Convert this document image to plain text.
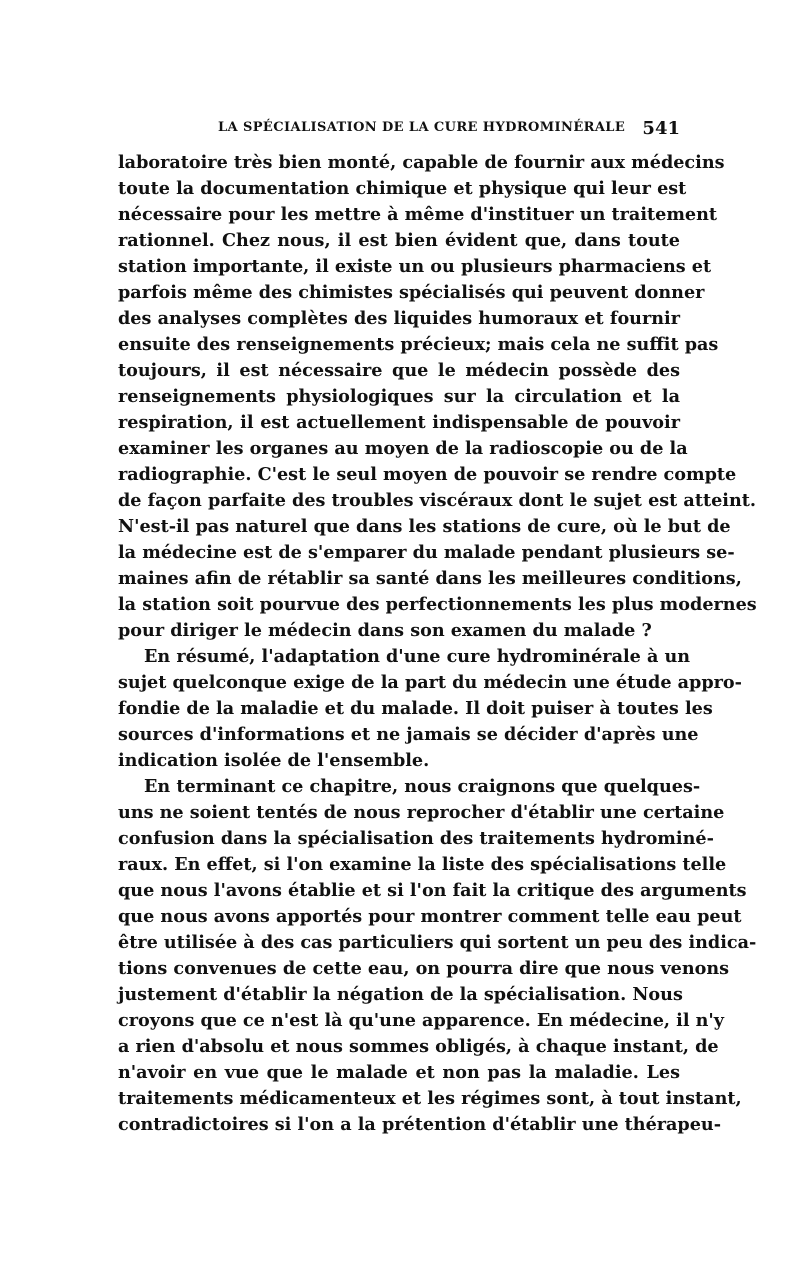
LA SPÉCIALISATION DE LA CURE HYDROMINÉRALE 541
laboratoire très bien monté, capable de fournir aux médecins
toute la documentation chimique et physique qui leur est
nécessaire pour les mettre à même d'instituer un traitement
rationnel. Chez nous, il est bien évident que, dans toute
station importante, il existe un ou plusieurs pharmaciens et
parfois même des chimistes spécialisés qui peuvent donner
des analyses complètes des liquides humoraux et fournir
ensuite des renseignements précieux; mais cela ne suffit pas
toujours, il est nécessaire que le médecin possède des
renseignements physiologiques sur la circulation et la
respiration, il est actuellement indispensable de pouvoir
examiner les organes au moyen de la radioscopie ou de la
radiographie. C'est le seul moyen de pouvoir se rendre compte
de façon parfaite des troubles viscéraux dont le sujet est atteint.
N'est-il pas naturel que dans les stations de cure, où le but de
la médecine est de s'emparer du malade pendant plusieurs se-
maines afin de rétablir sa santé dans les meilleures conditions,
la station soit pourvue des perfectionnements les plus modernes
pour diriger le médecin dans son examen du malade ?
En résumé, l'adaptation d'une cure hydrominérale à un
sujet quelconque exige de la part du médecin une étude appro-
fondie de la maladie et du malade. Il doit puiser à toutes les
sources d'informations et ne jamais se décider d'après une
indication isolée de l'ensemble.
En terminant ce chapitre, nous craignons que quelques-
uns ne soient tentés de nous reprocher d'établir une certaine
confusion dans la spécialisation des traitements hydrominé-
raux. En effet, si l'on examine la liste des spécialisations telle
que nous l'avons établie et si l'on fait la critique des arguments
que nous avons apportés pour montrer comment telle eau peut
être utilisée à des cas particuliers qui sortent un peu des indica-
tions convenues de cette eau, on pourra dire que nous venons
justement d'établir la négation de la spécialisation. Nous
croyons que ce n'est là qu'une apparence. En médecine, il n'y
a rien d'absolu et nous sommes obligés, à chaque instant, de
n'avoir en vue que le malade et non pas la maladie. Les
traitements médicamenteux et les régimes sont, à tout instant,
contradictoires si l'on a la prétention d'établir une thérapeu-
